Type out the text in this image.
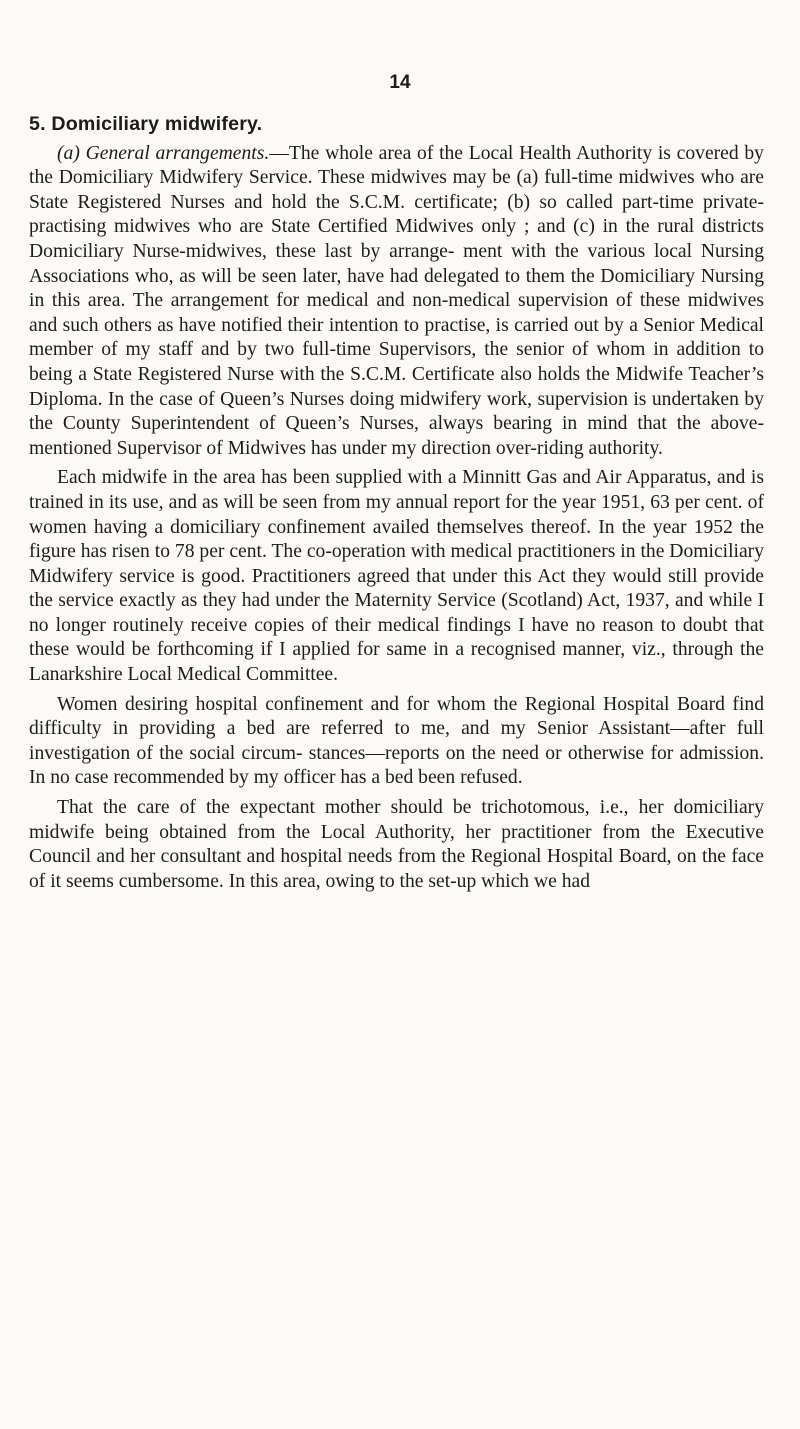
14
5. Domiciliary midwifery.

(a) General arrangements.—The whole area of the Local Health Authority is covered by the Domiciliary Midwifery Service. These midwives may be (a) full-time midwives who are State Registered Nurses and hold the S.C.M. certificate; (b) so called part-time private-practising midwives who are State Certified Midwives only ; and (c) in the rural districts Domiciliary Nurse-midwives, these last by arrange- ment with the various local Nursing Associations who, as will be seen later, have had delegated to them the Domiciliary Nursing in this area. The arrangement for medical and non-medical supervision of these midwives and such others as have notified their intention to practise, is carried out by a Senior Medical member of my staff and by two full-time Supervisors, the senior of whom in addition to being a State Registered Nurse with the S.C.M. Certificate also holds the Midwife Teacher’s Diploma. In the case of Queen’s Nurses doing midwifery work, supervision is undertaken by the County Superintendent of Queen’s Nurses, always bearing in mind that the above-mentioned Supervisor of Midwives has under my direction over-riding authority.

Each midwife in the area has been supplied with a Minnitt Gas and Air Apparatus, and is trained in its use, and as will be seen from my annual report for the year 1951, 63 per cent. of women having a domiciliary confinement availed themselves thereof. In the year 1952 the figure has risen to 78 per cent. The co-operation with medical practitioners in the Domiciliary Midwifery service is good. Practitioners agreed that under this Act they would still provide the service exactly as they had under the Maternity Service (Scotland) Act, 1937, and while I no longer routinely receive copies of their medical findings I have no reason to doubt that these would be forthcoming if I applied for same in a recognised manner, viz., through the Lanarkshire Local Medical Committee.

Women desiring hospital confinement and for whom the Regional Hospital Board find difficulty in providing a bed are referred to me, and my Senior Assistant—after full investigation of the social circum- stances—reports on the need or otherwise for admission. In no case recommended by my officer has a bed been refused.

That the care of the expectant mother should be trichotomous, i.e., her domiciliary midwife being obtained from the Local Authority, her practitioner from the Executive Council and her consultant and hospital needs from the Regional Hospital Board, on the face of it seems cumbersome. In this area, owing to the set-up which we had
